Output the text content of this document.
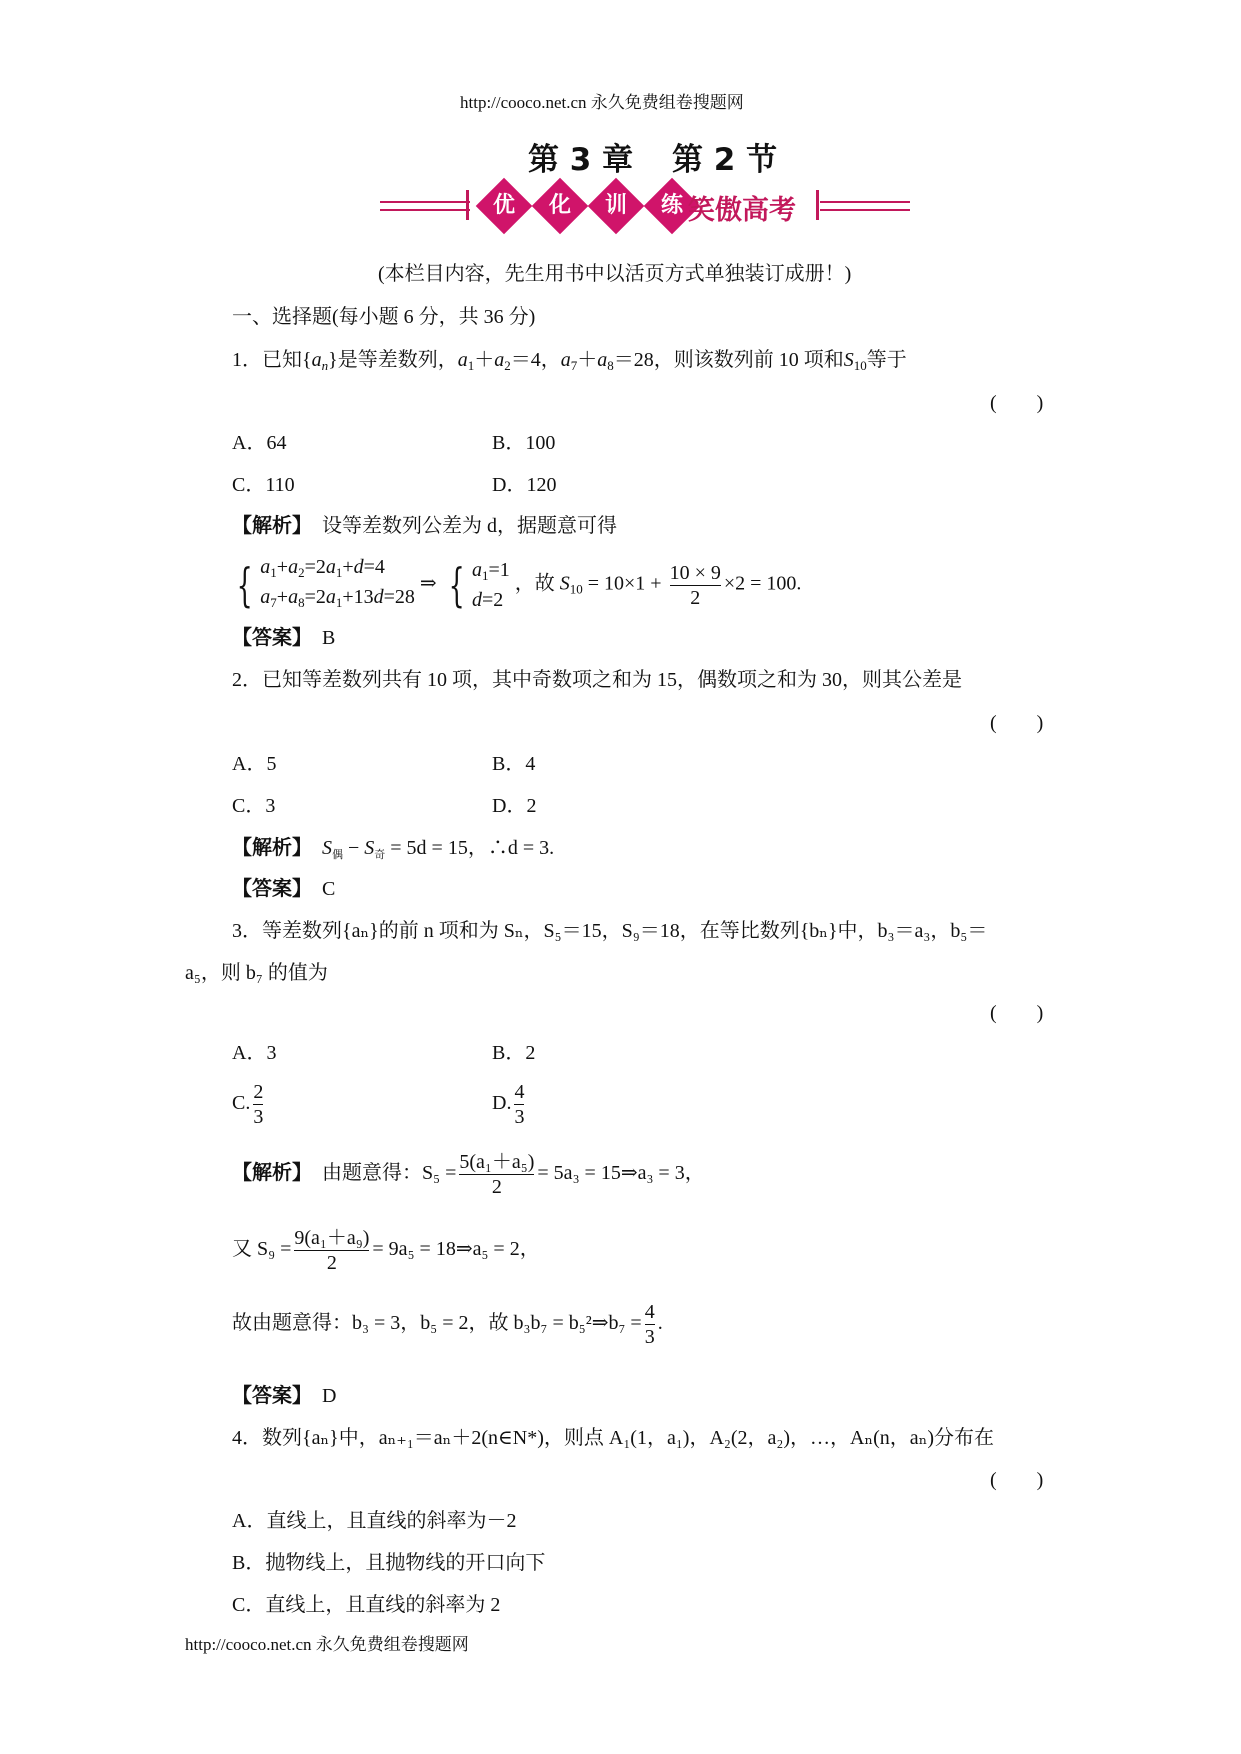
http://cooco.net.cn 永久免费组卷搜题网
第 3 章 第 2 节
优	化	训	练 笑傲高考
(本栏目内容，先生用书中以活页方式单独装订成册！)
一、选择题(每小题 6 分，共 36 分)
1．已知$\{a_n\}$是等差数列，$a_1+a_2=4$，$a_7+a_8=28$，则该数列前 10 项和$S_{10}$等于
(　　)
A．64	B．100
C．110	D．120
【解析】　 设等差数列公差为 d，据题意可得
{ $a_1+a_2=2a_1+d=4$
$a_7+a_8=2a_1+13d=28$
⇒ { $a_1=1$
d=2
，故 $S_{10} = 10\times 1 + \frac{10 \times 9}{2} \times 2 = 100$.
【答案】　 B
2．已知等差数列共有 10 项，其中奇数项之和为 15，偶数项之和为 30，则其公差是
(　　)
A．5	B．4
C．3	D．2
【解析】　 $S_偶 - S_奇 = 5d = 15$，∴d = 3.
【答案】　 C
3．等差数列{aₙ}的前 n 项和为 Sₙ，S₅＝15，S₉＝18，在等比数列{bₙ}中，b₃＝a₃，b₅＝
a₅，则 b₇ 的值为
(　　)
A．3	B．2
C. $\frac{2}{3}$	D. $\frac{4}{3}$
【解析】　 由题意得：$S_5 = \frac{\text{5(a₁＋a₅)}}{2} = 5a_3$ = 15⇒a₃ = 3，
又 $S_9 = \frac{\text{9(a₁＋a₉)}}{2} = 9a_5$ = 18⇒a₅ = 2，
故由题意得：b₃ = 3，b₅ = 2，故 b₃b₇ = b₅²⇒b₇ = $\frac{4}{3}$ .
【答案】　 D
4．数列{aₙ}中，aₙ₊₁＝aₙ＋2(n∈N*)，则点 A₁(1，a₁)，A₂(2，a₂)，…，Aₙ(n，aₙ)分布在
(　　)
A．直线上，且直线的斜率为－2
B．抛物线上，且抛物线的开口向下
C．直线上，且直线的斜率为 2
http://cooco.net.cn 永久免费组卷搜题网
